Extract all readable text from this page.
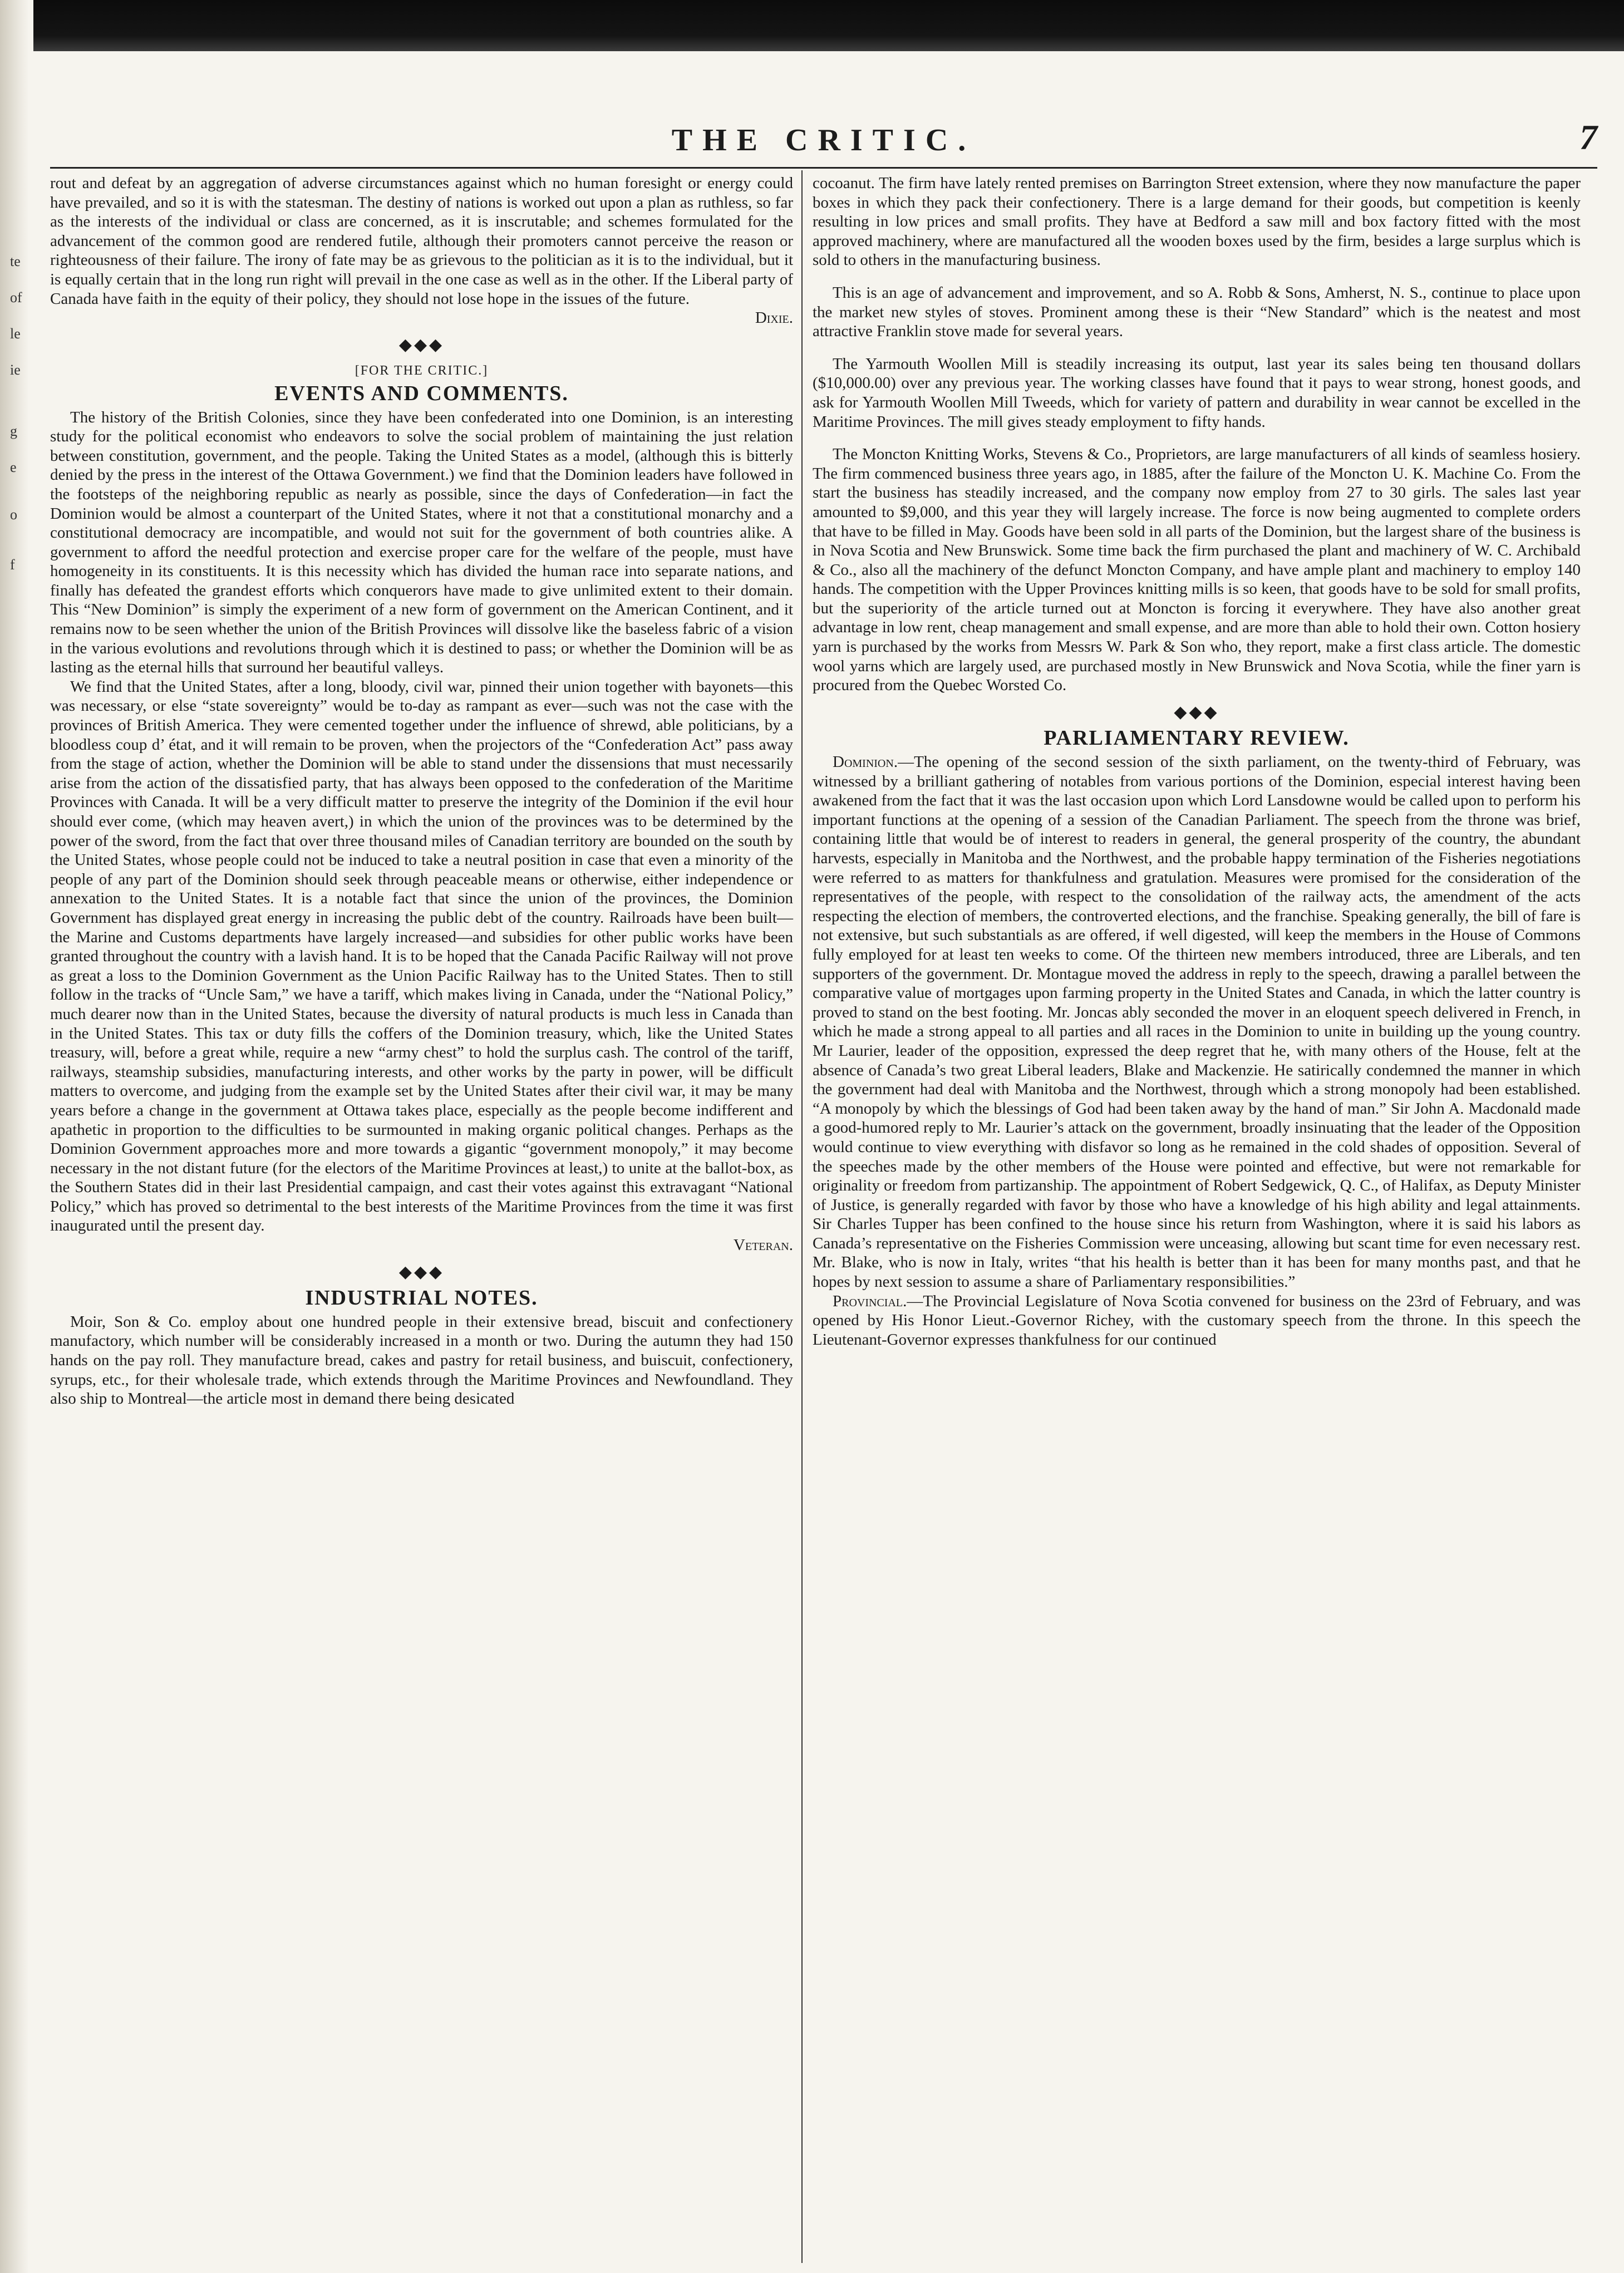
te
of
le
ie
g
e
o
f
THE CRITIC.	7

rout and defeat by an aggregation of adverse circumstances against which no human foresight or energy could have prevailed, and so it is with the statesman. The destiny of nations is worked out upon a plan as ruthless, so far as the interests of the individual or class are concerned, as it is inscrutable; and schemes formulated for the advancement of the common good are rendered futile, although their promoters cannot perceive the reason or righteousness of their failure. The irony of fate may be as grievous to the politician as it is to the individual, but it is equally certain that in the long run right will prevail in the one case as well as in the other. If the Liberal party of Canada have faith in the equity of their policy, they should not lose hope in the issues of the future.

Dixie.

◆◆◆

[FOR THE CRITIC.]

EVENTS AND COMMENTS.

The history of the British Colonies, since they have been confederated into one Dominion, is an interesting study for the political economist who endeavors to solve the social problem of maintaining the just relation between constitution, government, and the people. Taking the United States as a model, (although this is bitterly denied by the press in the interest of the Ottawa Government.) we find that the Dominion leaders have followed in the footsteps of the neighboring republic as nearly as possible, since the days of Confederation—in fact the Dominion would be almost a counterpart of the United States, where it not that a constitutional monarchy and a constitutional democracy are incompatible, and would not suit for the government of both countries alike. A government to afford the needful protection and exercise proper care for the welfare of the people, must have homogeneity in its constituents. It is this necessity which has divided the human race into separate nations, and finally has defeated the grandest efforts which conquerors have made to give unlimited extent to their domain. This “New Dominion” is simply the experiment of a new form of government on the American Continent, and it remains now to be seen whether the union of the British Provinces will dissolve like the baseless fabric of a vision in the various evolutions and revolutions through which it is destined to pass; or whether the Dominion will be as lasting as the eternal hills that surround her beautiful valleys.

We find that the United States, after a long, bloody, civil war, pinned their union together with bayonets—this was necessary, or else “state sovereignty” would be to-day as rampant as ever—such was not the case with the provinces of British America. They were cemented together under the influence of shrewd, able politicians, by a bloodless coup d’ état, and it will remain to be proven, when the projectors of the “Confederation Act” pass away from the stage of action, whether the Dominion will be able to stand under the dissensions that must necessarily arise from the action of the dissatisfied party, that has always been opposed to the confederation of the Maritime Provinces with Canada. It will be a very difficult matter to preserve the integrity of the Dominion if the evil hour should ever come, (which may heaven avert,) in which the union of the provinces was to be determined by the power of the sword, from the fact that over three thousand miles of Canadian territory are bounded on the south by the United States, whose people could not be induced to take a neutral position in case that even a minority of the people of any part of the Dominion should seek through peaceable means or otherwise, either independence or annexation to the United States. It is a notable fact that since the union of the provinces, the Dominion Government has displayed great energy in increasing the public debt of the country. Railroads have been built—the Marine and Customs departments have largely increased—and subsidies for other public works have been granted throughout the country with a lavish hand. It is to be hoped that the Canada Pacific Railway will not prove as great a loss to the Dominion Government as the Union Pacific Railway has to the United States. Then to still follow in the tracks of “Uncle Sam,” we have a tariff, which makes living in Canada, under the “National Policy,” much dearer now than in the United States, because the diversity of natural products is much less in Canada than in the United States. This tax or duty fills the coffers of the Dominion treasury, which, like the United States treasury, will, before a great while, require a new “army chest” to hold the surplus cash. The control of the tariff, railways, steamship subsidies, manufacturing interests, and other works by the party in power, will be difficult matters to overcome, and judging from the example set by the United States after their civil war, it may be many years before a change in the government at Ottawa takes place, especially as the people become indifferent and apathetic in proportion to the difficulties to be surmounted in making organic political changes. Perhaps as the Dominion Government approaches more and more towards a gigantic “government monopoly,” it may become necessary in the not distant future (for the electors of the Maritime Provinces at least,) to unite at the ballot-box, as the Southern States did in their last Presidential campaign, and cast their votes against this extravagant “National Policy,” which has proved so detrimental to the best interests of the Maritime Provinces from the time it was first inaugurated until the present day.

Veteran.

◆◆◆
INDUSTRIAL NOTES.

Moir, Son & Co. employ about one hundred people in their extensive bread, biscuit and confectionery manufactory, which number will be considerably increased in a month or two. During the autumn they had 150 hands on the pay roll. They manufacture bread, cakes and pastry for retail business, and buiscuit, confectionery, syrups, etc., for their wholesale trade, which extends through the Maritime Provinces and Newfoundland. They also ship to Montreal—the article most in demand there being desicated

cocoanut. The firm have lately rented premises on Barrington Street extension, where they now manufacture the paper boxes in which they pack their confectionery. There is a large demand for their goods, but competition is keenly resulting in low prices and small profits. They have at Bedford a saw mill and box factory fitted with the most approved machinery, where are manufactured all the wooden boxes used by the firm, besides a large surplus which is sold to others in the manufacturing business.

This is an age of advancement and improvement, and so A. Robb & Sons, Amherst, N. S., continue to place upon the market new styles of stoves. Prominent among these is their “New Standard” which is the neatest and most attractive Franklin stove made for several years.

The Yarmouth Woollen Mill is steadily increasing its output, last year its sales being ten thousand dollars ($10,000.00) over any previous year. The working classes have found that it pays to wear strong, honest goods, and ask for Yarmouth Woollen Mill Tweeds, which for variety of pattern and durability in wear cannot be excelled in the Maritime Provinces. The mill gives steady employment to fifty hands.

The Moncton Knitting Works, Stevens & Co., Proprietors, are large manufacturers of all kinds of seamless hosiery. The firm commenced business three years ago, in 1885, after the failure of the Moncton U. K. Machine Co. From the start the business has steadily increased, and the company now employ from 27 to 30 girls. The sales last year amounted to $9,000, and this year they will largely increase. The force is now being augmented to complete orders that have to be filled in May. Goods have been sold in all parts of the Dominion, but the largest share of the business is in Nova Scotia and New Brunswick. Some time back the firm purchased the plant and machinery of W. C. Archibald & Co., also all the machinery of the defunct Moncton Company, and have ample plant and machinery to employ 140 hands. The competition with the Upper Provinces knitting mills is so keen, that goods have to be sold for small profits, but the superiority of the article turned out at Moncton is forcing it everywhere. They have also another great advantage in low rent, cheap management and small expense, and are more than able to hold their own. Cotton hosiery yarn is purchased by the works from Messrs W. Park & Son who, they report, make a first class article. The domestic wool yarns which are largely used, are purchased mostly in New Brunswick and Nova Scotia, while the finer yarn is procured from the Quebec Worsted Co.

◆◆◆
PARLIAMENTARY REVIEW.

Dominion.—The opening of the second session of the sixth parliament, on the twenty-third of February, was witnessed by a brilliant gathering of notables from various portions of the Dominion, especial interest having been awakened from the fact that it was the last occasion upon which Lord Lansdowne would be called upon to perform his important functions at the opening of a session of the Canadian Parliament. The speech from the throne was brief, containing little that would be of interest to readers in general, the general prosperity of the country, the abundant harvests, especially in Manitoba and the Northwest, and the probable happy termination of the Fisheries negotiations were referred to as matters for thankfulness and gratulation. Measures were promised for the consideration of the representatives of the people, with respect to the consolidation of the railway acts, the amendment of the acts respecting the election of members, the controverted elections, and the franchise. Speaking generally, the bill of fare is not extensive, but such substantials as are offered, if well digested, will keep the members in the House of Commons fully employed for at least ten weeks to come. Of the thirteen new members introduced, three are Liberals, and ten supporters of the government. Dr. Montague moved the address in reply to the speech, drawing a parallel between the comparative value of mortgages upon farming property in the United States and Canada, in which the latter country is proved to stand on the best footing. Mr. Joncas ably seconded the mover in an eloquent speech delivered in French, in which he made a strong appeal to all parties and all races in the Dominion to unite in building up the young country. Mr Laurier, leader of the opposition, expressed the deep regret that he, with many others of the House, felt at the absence of Canada’s two great Liberal leaders, Blake and Mackenzie. He satirically condemned the manner in which the government had deal with Manitoba and the Northwest, through which a strong monopoly had been established. “A monopoly by which the blessings of God had been taken away by the hand of man.” Sir John A. Macdonald made a good-humored reply to Mr. Laurier’s attack on the government, broadly insinuating that the leader of the Opposition would continue to view everything with disfavor so long as he remained in the cold shades of opposition. Several of the speeches made by the other members of the House were pointed and effective, but were not remarkable for originality or freedom from partizanship. The appointment of Robert Sedgewick, Q. C., of Halifax, as Deputy Minister of Justice, is generally regarded with favor by those who have a knowledge of his high ability and legal attainments. Sir Charles Tupper has been confined to the house since his return from Washington, where it is said his labors as Canada’s representative on the Fisheries Commission were unceasing, allowing but scant time for even necessary rest. Mr. Blake, who is now in Italy, writes “that his health is better than it has been for many months past, and that he hopes by next session to assume a share of Parliamentary responsibilities.”

Provincial.—The Provincial Legislature of Nova Scotia convened for business on the 23rd of February, and was opened by His Honor Lieut.-Governor Richey, with the customary speech from the throne. In this speech the Lieutenant-Governor expresses thankfulness for our continued
